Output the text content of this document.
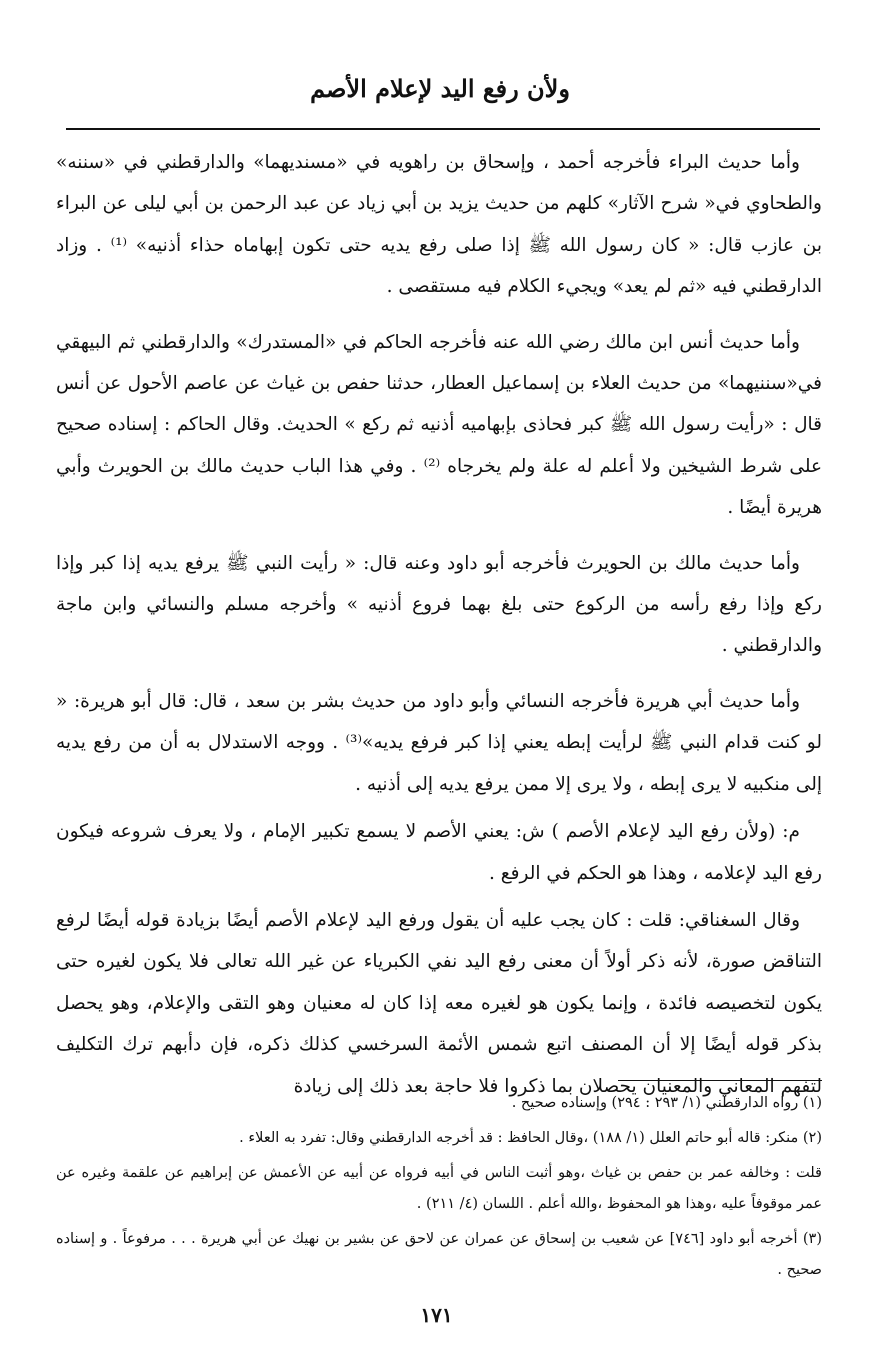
ولأن رفع اليد لإعلام الأصم

وأما حديث البراء فأخرجه أحمد ، وإسحاق بن راهويه في «مسنديهما» والدارقطني في «سننه» والطحاوي في« شرح الآثار» كلهم من حديث يزيد بن أبي زياد عن عبد الرحمن بن أبي ليلى عن البراء بن عازب قال: « كان رسول الله ﷺ إذا صلى رفع يديه حتى تكون إبهاماه حذاء أذنيه» ⁽¹⁾ . وزاد الدارقطني فيه «ثم لم يعد» ويجيء الكلام فيه مستقصى .

وأما حديث أنس ابن مالك رضي الله عنه فأخرجه الحاكم في «المستدرك» والدارقطني ثم البيهقي في«سننيهما» من حديث العلاء بن إسماعيل العطار، حدثنا حفص بن غياث عن عاصم الأحول عن أنس قال : «رأيت رسول الله ﷺ كبر فحاذى بإبهاميه أذنيه ثم ركع » الحديث. وقال الحاكم : إسناده صحيح على شرط الشيخين ولا أعلم له علة ولم يخرجاه ⁽²⁾ . وفي هذا الباب حديث مالك بن الحويرث وأبي هريرة أيضًا .

وأما حديث مالك بن الحويرث فأخرجه أبو داود وعنه قال: « رأيت النبي ﷺ يرفع يديه إذا كبر وإذا ركع وإذا رفع رأسه من الركوع حتى بلغ بهما فروع أذنيه » وأخرجه مسلم والنسائي وابن ماجة والدارقطني .

وأما حديث أبي هريرة فأخرجه النسائي وأبو داود من حديث بشر بن سعد ، قال: قال أبو هريرة: « لو كنت قدام النبي ﷺ لرأيت إبطه يعني إذا كبر فرفع يديه»⁽³⁾ . ووجه الاستدلال به أن من رفع يديه إلى منكبيه لا يرى إبطه ، ولا يرى إلا ممن يرفع يديه إلى أذنيه .

م: (ولأن رفع اليد لإعلام الأصم ) ش: يعني الأصم لا يسمع تكبير الإمام ، ولا يعرف شروعه فيكون رفع اليد لإعلامه ، وهذا هو الحكم في الرفع .

وقال السغناقي: قلت : كان يجب عليه أن يقول ورفع اليد لإعلام الأصم أيضًا بزيادة قوله أيضًا لرفع التناقض صورة، لأنه ذكر أولاً أن معنى رفع اليد نفي الكبرياء عن غير الله تعالى فلا يكون لغيره حتى يكون لتخصيصه فائدة ، وإنما يكون هو لغيره معه إذا كان له معنيان وهو التقى والإعلام، وهو يحصل بذكر قوله أيضًا إلا أن المصنف اتبع شمس الأئمة السرخسي كذلك ذكره، فإن دأبهم ترك التكليف لتفهم المعاني والمعنيان يحصلان بما ذكروا فلا حاجة بعد ذلك إلى زيادة

(١) رواه الدارقطني (١/ ٢٩٣ : ٢٩٤) وإسناده صحيح .

(٢) منكر: قاله أبو حاتم العلل (١/ ١٨٨) ،وقال الحافظ : قد أخرجه الدارقطني وقال: تفرد به العلاء .

قلت : وخالفه عمر بن حفص بن غياث ،وهو أثبت الناس في أبيه فرواه عن أبيه عن الأعمش عن إبراهيم عن علقمة وغيره عن عمر موقوفاً عليه ،وهذا هو المحفوظ ،والله أعلم . اللسان (٤/ ٢١١) .

(٣) أخرجه أبو داود [٧٤٦] عن شعيب بن إسحاق عن عمران عن لاحق عن بشير بن نهيك عن أبي هريرة . . . مرفوعاً . و إسناده صحيح .

١٧١
